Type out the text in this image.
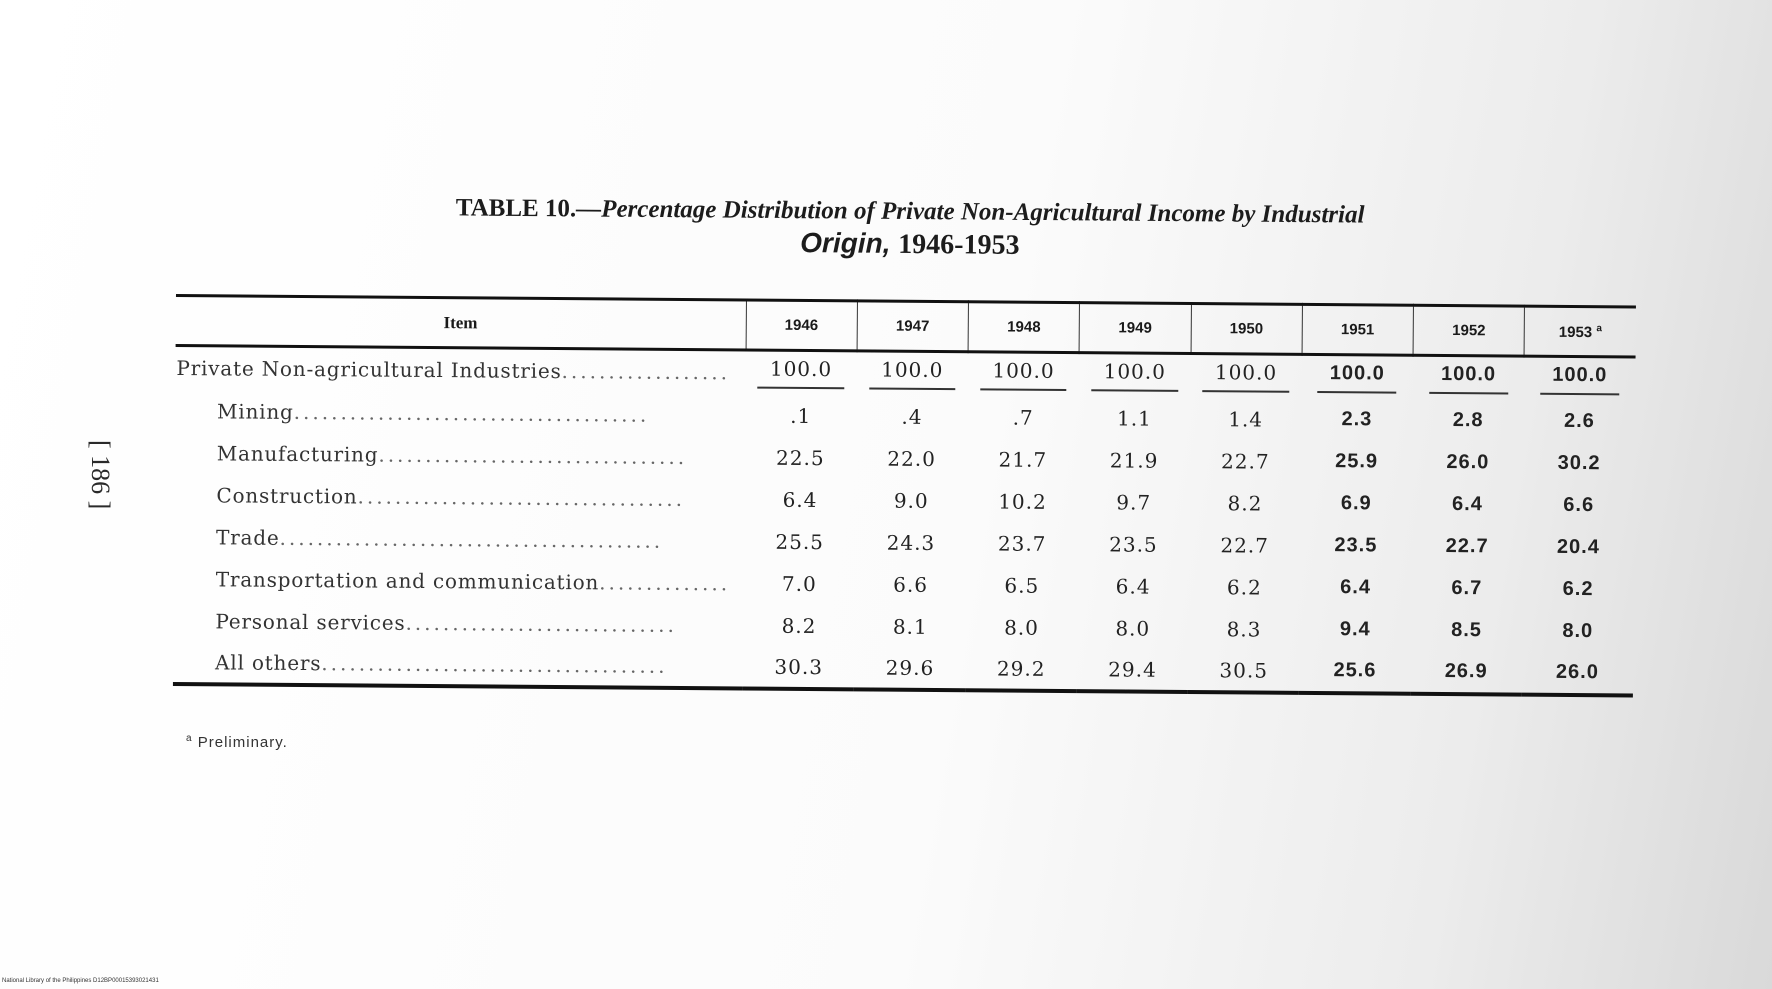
[ 186 ]
TABLE 10.—Percentage Distribution of Private Non-Agricultural Income by Industrial
Origin, 1946-1953
Item	1946	1947	1948	1949	1950	1951	1952	1953 $^a$
Private Non-agricultural Industries..................	100.0	100.0	100.0	100.0	100.0	100.0	100.0	100.0
Mining......................................	.1	.4	.7	1.1	1.4	2.3	2.8	2.6
Manufacturing.................................	22.5	22.0	21.7	21.9	22.7	25.9	26.0	30.2
Construction...................................	6.4	9.0	10.2	9.7	8.2	6.9	6.4	6.6
Trade.........................................	25.5	24.3	23.7	23.5	22.7	23.5	22.7	20.4
Transportation and communication..............	7.0	6.6	6.5	6.4	6.2	6.4	6.7	6.2
Personal services.............................	8.2	8.1	8.0	8.0	8.3	9.4	8.5	8.0
All others.....................................	30.3	29.6	29.2	29.4	30.5	25.6	26.9	26.0
$^a$ Preliminary.
National Library of the Philippines D12BP00015393021431
